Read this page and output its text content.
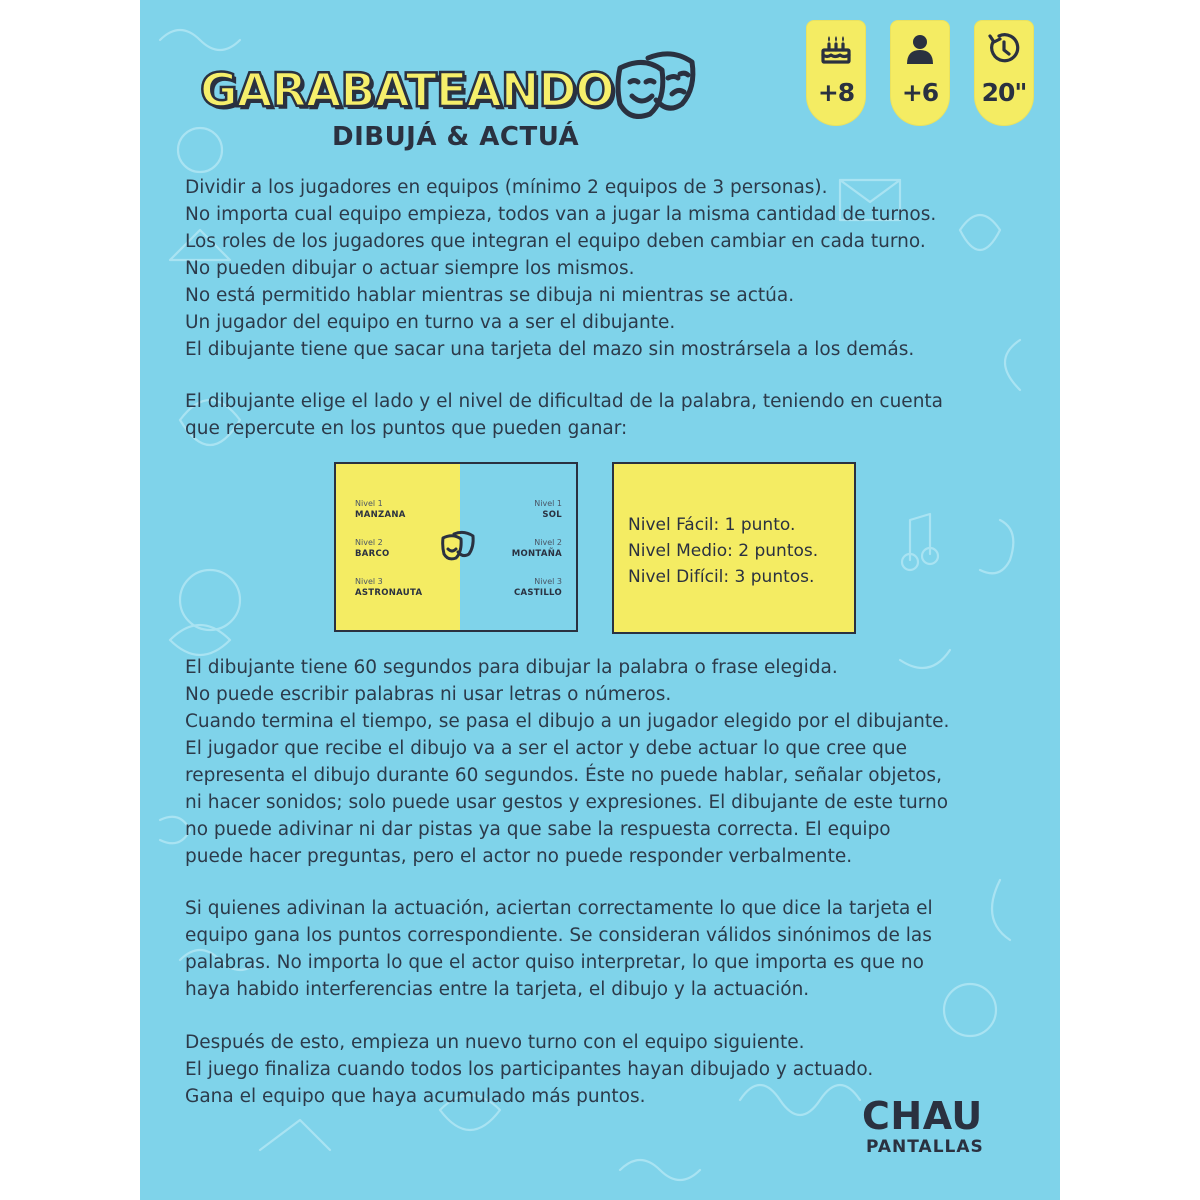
GARABATEANDO
DIBUJÁ & ACTUÁ
+8	+6	20"
Dividir a los jugadores en equipos (mínimo 2 equipos de 3 personas).
No importa cual equipo empieza, todos van a jugar la misma cantidad de turnos.
Los roles de los jugadores que integran el equipo deben cambiar en cada turno.
No pueden dibujar o actuar siempre los mismos.
No está permitido hablar mientras se dibuja ni mientras se actúa.
Un jugador del equipo en turno va a ser el dibujante.
El dibujante tiene que sacar una tarjeta del mazo sin mostrársela a los demás.
El dibujante elige el lado y el nivel de dificultad de la palabra, teniendo en cuenta
que repercute en los puntos que pueden ganar:
Nivel 1
MANZANA
Nivel 2
BARCO
Nivel 3
ASTRONAUTA
Nivel 1
SOL
Nivel 2
MONTAÑA
Nivel 3
CASTILLO
Nivel Fácil: 1 punto.
Nivel Medio: 2 puntos.
Nivel Difícil: 3 puntos.
El dibujante tiene 60 segundos para dibujar la palabra o frase elegida.
No puede escribir palabras ni usar letras o números.
Cuando termina el tiempo, se pasa el dibujo a un jugador elegido por el dibujante.
El jugador que recibe el dibujo va a ser el actor y debe actuar lo que cree que
representa el dibujo durante 60 segundos. Éste no puede hablar, señalar objetos,
ni hacer sonidos; solo puede usar gestos y expresiones. El dibujante de este turno
no puede adivinar ni dar pistas ya que sabe la respuesta correcta. El equipo
puede hacer preguntas, pero el actor no puede responder verbalmente.
Si quienes adivinan la actuación, aciertan correctamente lo que dice la tarjeta el
equipo gana los puntos correspondiente. Se consideran válidos sinónimos de las
palabras. No importa lo que el actor quiso interpretar, lo que importa es que no
haya habido interferencias entre la tarjeta, el dibujo y la actuación.
Después de esto, empieza un nuevo turno con el equipo siguiente.
El juego finaliza cuando todos los participantes hayan dibujado y actuado.
Gana el equipo que haya acumulado más puntos.	CHAU
PANTALLAS
